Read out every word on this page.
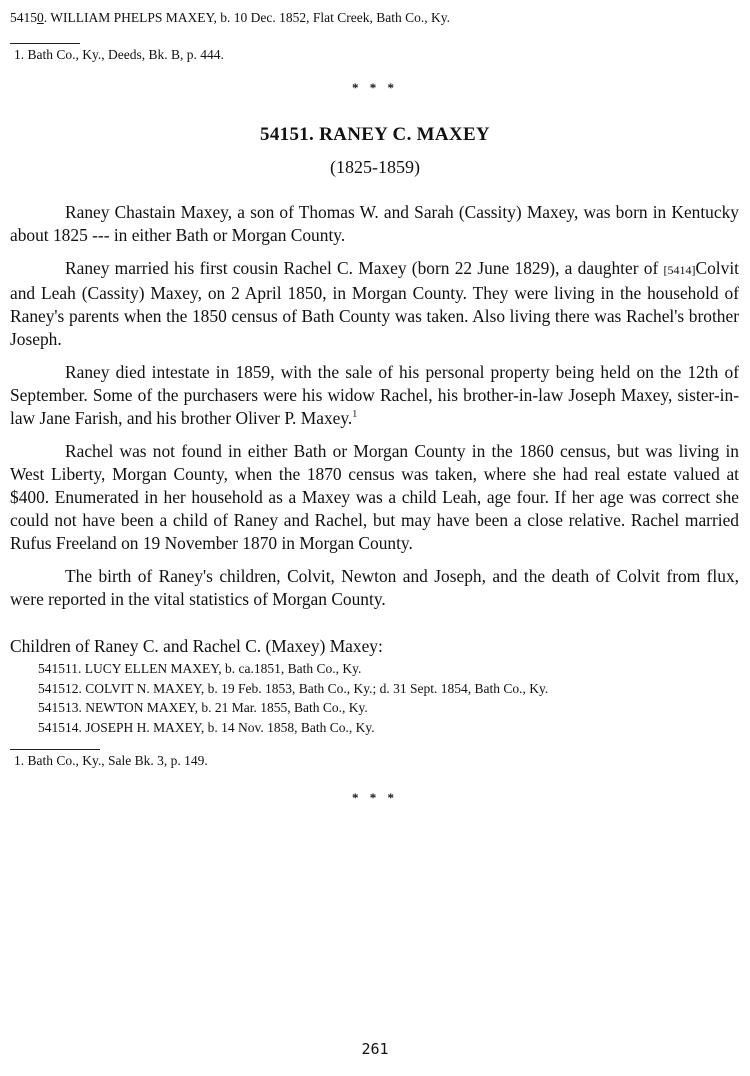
54150. WILLIAM PHELPS MAXEY, b. 10 Dec. 1852, Flat Creek, Bath Co., Ky.
1. Bath Co., Ky., Deeds, Bk. B, p. 444.
* * *
54151. RANEY C. MAXEY
(1825-1859)

Raney Chastain Maxey, a son of Thomas W. and Sarah (Cassity) Maxey, was born in Kentucky about 1825 --- in either Bath or Morgan County.

Raney married his first cousin Rachel C. Maxey (born 22 June 1829), a daughter of [5414]Colvit and Leah (Cassity) Maxey, on 2 April 1850, in Morgan County. They were living in the household of Raney's parents when the 1850 census of Bath County was taken. Also living there was Rachel's brother Joseph.

Raney died intestate in 1859, with the sale of his personal property being held on the 12th of September. Some of the purchasers were his widow Rachel, his brother-in-law Joseph Maxey, sister-in-law Jane Farish, and his brother Oliver P. Maxey.$^1$

Rachel was not found in either Bath or Morgan County in the 1860 census, but was living in West Liberty, Morgan County, when the 1870 census was taken, where she had real estate valued at $400. Enumerated in her household as a Maxey was a child Leah, age four. If her age was correct she could not have been a child of Raney and Rachel, but may have been a close relative. Rachel married Rufus Freeland on 19 November 1870 in Morgan County.

The birth of Raney's children, Colvit, Newton and Joseph, and the death of Colvit from flux, were reported in the vital statistics of Morgan County.

Children of Raney C. and Rachel C. (Maxey) Maxey:
541511. LUCY ELLEN MAXEY, b. ca.1851, Bath Co., Ky.
541512. COLVIT N. MAXEY, b. 19 Feb. 1853, Bath Co., Ky.; d. 31 Sept. 1854, Bath Co., Ky.
541513. NEWTON MAXEY, b. 21 Mar. 1855, Bath Co., Ky.
541514. JOSEPH H. MAXEY, b. 14 Nov. 1858, Bath Co., Ky.
1. Bath Co., Ky., Sale Bk. 3, p. 149.
* * *
261
